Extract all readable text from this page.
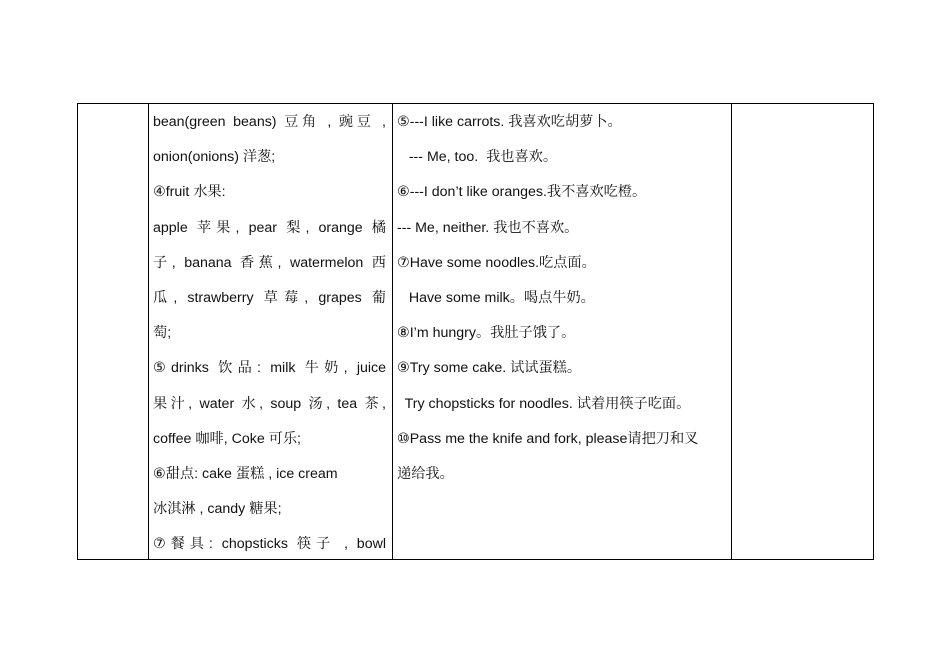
bean(green beans) 豆角 , 豌豆 ,
onion(onions) 洋葱;
④fruit 水果:
apple 苹果, pear 梨, orange 橘
子, banana 香蕉, watermelon 西
瓜, strawberry 草莓, grapes 葡
萄;
⑤drinks 饮品: milk 牛奶, juice
果汁, water 水, soup 汤, tea 茶,
coffee 咖啡, Coke 可乐;
⑥甜点: cake 蛋糕 , ice cream
冰淇淋 , candy 糖果;
⑦餐具: chopsticks 筷子 , bowl
⑤---I like carrots. 我喜欢吃胡萝卜。
--- Me, too.  我也喜欢。
⑥---I don’t like oranges.我不喜欢吃橙。
--- Me, neither. 我也不喜欢。
⑦Have some noodles.吃点面。
Have some milk。喝点牛奶。
⑧I’m hungry。我肚子饿了。
⑨Try some cake. 试试蛋糕。
Try chopsticks for noodles. 试着用筷子吃面。
⑩Pass me the knife and fork, please请把刀和叉
递给我。
